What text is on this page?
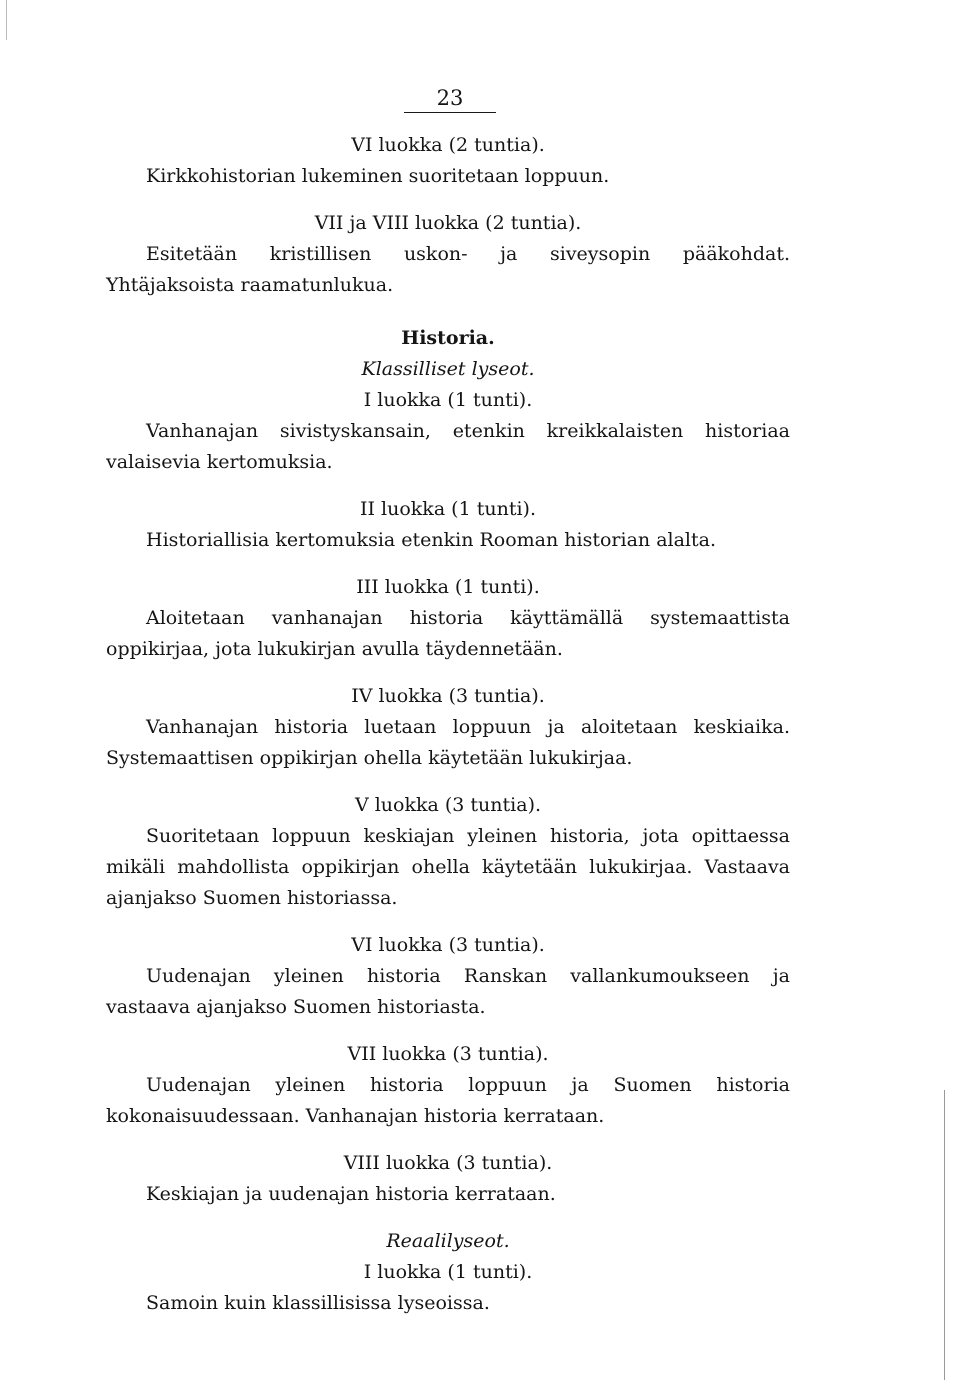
23
VI luokka (2 tuntia).

Kirkkohistorian lukeminen suoritetaan loppuun.

VII ja VIII luokka (2 tuntia).

Esitetään kristillisen uskon- ja siveysopin pääkohdat. Yhtäjaksoista raamatunlukua.

Historia.
Klassilliset lyseot.
I luokka (1 tunti).

Vanhanajan sivistyskansain, etenkin kreikkalaisten historiaa valaisevia kertomuksia.

II luokka (1 tunti).

Historiallisia kertomuksia etenkin Rooman historian alalta.

III luokka (1 tunti).

Aloitetaan vanhanajan historia käyttämällä systemaattista oppikirjaa, jota lukukirjan avulla täydennetään.

IV luokka (3 tuntia).

Vanhanajan historia luetaan loppuun ja aloitetaan keskiaika. Systemaattisen oppikirjan ohella käytetään lukukirjaa.

V luokka (3 tuntia).

Suoritetaan loppuun keskiajan yleinen historia, jota opittaessa mikäli mahdollista oppikirjan ohella käytetään lukukirjaa. Vastaava ajanjakso Suomen historiassa.

VI luokka (3 tuntia).

Uudenajan yleinen historia Ranskan vallankumoukseen ja vastaava ajanjakso Suomen historiasta.

VII luokka (3 tuntia).

Uudenajan yleinen historia loppuun ja Suomen historia kokonaisuudessaan. Vanhanajan historia kerrataan.

VIII luokka (3 tuntia).

Keskiajan ja uudenajan historia kerrataan.

Reaalilyseot.
I luokka (1 tunti).

Samoin kuin klassillisissa lyseoissa.
